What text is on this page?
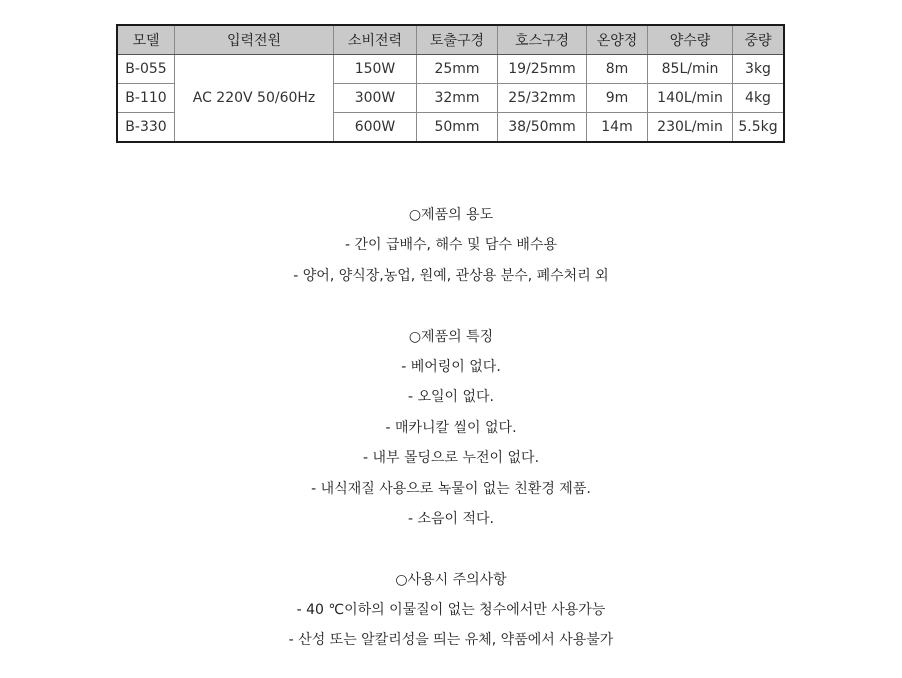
모델	입력전원	소비전력	토출구경	호스구경	온양정	양수량	중량
B-055	AC 220V 50/60Hz	150W	25mm	19/25mm	8m	85L/min	3kg
B-110		300W	32mm	25/32mm	9m	140L/min	4kg
B-330		600W	50mm	38/50mm	14m	230L/min	5.5kg
○제품의 용도
- 간이 급배수, 해수 및 담수 배수용
- 양어, 양식장,농업, 원예, 관상용 분수, 폐수처리 외
○제품의 특징
- 베어링이 없다.
- 오일이 없다.
- 매카니칼 씰이 없다.
- 내부 몰딩으로 누전이 없다.
- 내식재질 사용으로 녹물이 없는 친환경 제품.
- 소음이 적다.
○사용시 주의사항
- 40 ℃이하의 이물질이 없는 청수에서만 사용가능
- 산성 또는 알칼리성을 띄는 유체, 약품에서 사용불가
